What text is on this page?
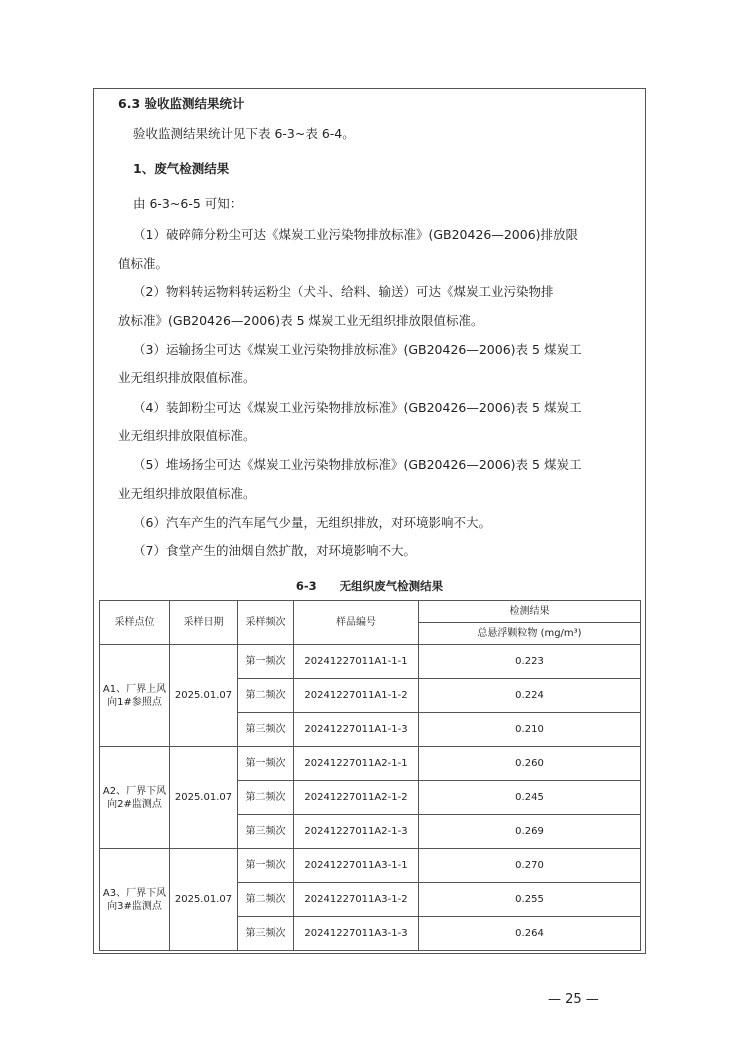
6.3 验收监测结果统计
验收监测结果统计见下表 6-3~表 6-4。
1、废气检测结果
由 6-3~6-5 可知：
（1）破碎筛分粉尘可达《煤炭工业污染物排放标准》(GB20426—2006)排放限
值标准。
（2）物料转运物料转运粉尘（犬斗、给料、输送）可达《煤炭工业污染物排
放标准》(GB20426—2006)表 5 煤炭工业无组织排放限值标准。
（3）运输扬尘可达《煤炭工业污染物排放标准》(GB20426—2006)表 5 煤炭工
业无组织排放限值标准。
（4）装卸粉尘可达《煤炭工业污染物排放标准》(GB20426—2006)表 5 煤炭工
业无组织排放限值标准。
（5）堆场扬尘可达《煤炭工业污染物排放标准》(GB20426—2006)表 5 煤炭工
业无组织排放限值标准。
（6）汽车产生的汽车尾气少量，无组织排放，对环境影响不大。
（7）食堂产生的油烟自然扩散，对环境影响不大。
6-3　　无组织废气检测结果
采样点位	采样日期	采样频次	样品编号	检测结果
				总悬浮颗粒物 (mg/m³)
A1、厂界上风向1#参照点	2025.01.07	第一频次	20241227011A1-1-1	0.223
		第二频次	20241227011A1-1-2	0.224
		第三频次	20241227011A1-1-3	0.210
A2、厂界下风向2#监测点	2025.01.07	第一频次	20241227011A2-1-1	0.260
		第二频次	20241227011A2-1-2	0.245
		第三频次	20241227011A2-1-3	0.269
A3、厂界下风向3#监测点	2025.01.07	第一频次	20241227011A3-1-1	0.270
		第二频次	20241227011A3-1-2	0.255
		第三频次	20241227011A3-1-3	0.264
— 25 —
